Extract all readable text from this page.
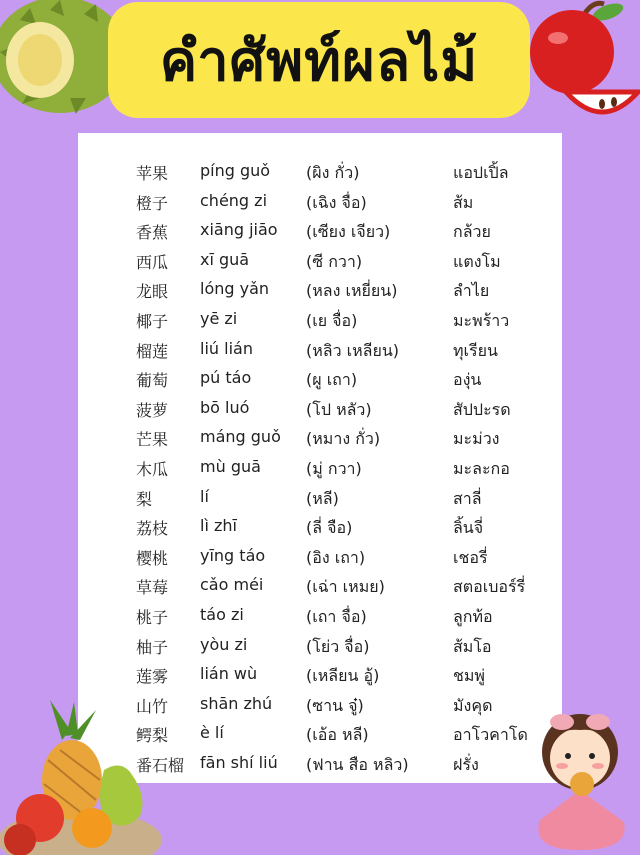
คำศัพท์ผลไม้
苹果 píng guǒ (ผิง กั่ว)	แอปเปิ้ล
橙子 chéng zi (เฉิง จื่อ)	ส้ม
香蕉 xiāng jiāo (เซียง เจียว)	กล้วย
西瓜 xī guā	(ซี กวา)	แตงโม
龙眼 lóng yǎn (หลง เหยี่ยน)	ลำไย
椰子 yē zi	(เย จื่อ)	มะพร้าว
榴莲 liú lián	(หลิว เหลียน)	ทุเรียน
葡萄 pú táo	(ผู เถา)	องุ่น
菠萝 bō luó	(โป หลัว)	สัปปะรด
芒果 máng guǒ (หมาง กั่ว)	มะม่วง
木瓜 mù guā	(มู่ กวา)	มะละกอ
梨	lí	(หลี)	สาลี่
荔枝 lì zhī	(ลี่ จือ)	ลิ้นจี่
樱桃 yīng táo	(อิง เถา)	เชอรี่
草莓 cǎo méi	(เฉ่า เหมย)	สตอเบอร์รี่
桃子 táo zi	(เถา จื่อ)	ลูกท้อ
柚子 yòu zi	(โย่ว จื่อ)	ส้มโอ
莲雾 lián wù	(เหลียน อู้)	ชมพู่
山竹 shān zhú (ซาน จู๋)	มังคุด
鳄梨 è lí	(เอ้อ หลี)	อาโวคาโด
番石榴 fān shí liú (ฟาน สือ หลิว)	ฝรั่ง
